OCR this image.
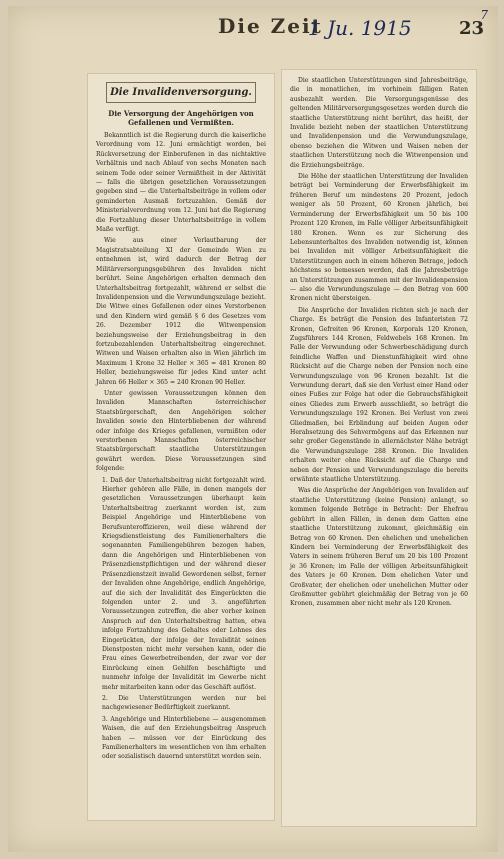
Die Zeit
1 Ju. 1915
7
23
Die Invalidenversorgung.
Die Versorgung der Angehörigen von Gefallenen und Vermißten.

Bekanntlich ist die Regierung durch die kaiserliche Verordnung vom 12. Juni ermächtigt worden, bei Rückversetzung der Einberufenen in das nichtaktive Verhältnis und nach Ablauf von sechs Monaten nach seinem Tode oder seiner Vermißtheit in der Aktivität — falls die übrigen gesetzlichen Voraussetzungen gegeben sind — die Unterhaltsbeiträge in vollem oder geminderten Ausmaß fortzuzahlen. Gemäß der Ministerialverordnung vom 12. Juni hat die Regierung die Fortzahlung dieser Unterhaltsbeiträge in vollem Maße verfügt.

Wie aus einer Verlautbarung der Magistratsabteilung XI der Gemeinde Wien zu entnehmen ist, wird dadurch der Betrag der Militärversorgungsgebühren des Invaliden nicht berührt. Seine Angehörigen erhalten demnach den Unterhaltsbeitrag fortgezahlt, während er selbst die Invalidenpension und die Verwundungszulage bezieht. Die Witwe eines Gefallenen oder eines Verstorbenen und den Kindern wird gemäß § 6 des Gesetzes vom 26. Dezember 1912 die Witwenpension beziehungsweise der Erziehungsbeitrag in den fortzubezahlenden Unterhaltsbeitrag eingerechnet. Witwen und Waisen erhalten also in Wien jährlich im Maximum 1 Krone 32 Heller × 365 = 481 Kronen 80 Heller, beziehungsweise für jedes Kind unter acht Jahren 66 Heller × 365 = 240 Kronen 90 Heller.

Unter gewissen Voraussetzungen können den Invaliden Mannschaften österreichischer Staatsbürgerschaft, den Angehörigen solcher Invaliden sowie den Hinterbliebenen der während oder infolge des Krieges gefallenen, vermißten oder verstorbenen Mannschaften österreichischer Staatsbürgerschaft staatliche Unterstützungen gewährt werden. Diese Voraussetzungen sind folgende:

1. Daß der Unterhaltsbeitrag nicht fortgezahlt wird. Hierher gehören alle Fälle, in denen mangels der gesetzlichen Voraussetzungen überhaupt kein Unterhaltsbeitrag zuerkannt worden ist, zum Beispiel Angehörige und Hinterbliebene von Berufsunteroffizieren, weil diese während der Kriegsdienstleistung des Familienerhalters die sogenannten Familiengebühren bezogen haben, dann die Angehörigen und Hinterbliebenen von Präsenzdienstpflichtigen und der während dieser Präsenzdienstzeit invalid Gewordenen selbst, ferner der Invaliden ohne Angehörige, endlich Angehörige, auf die sich der Invalidität des Eingerückten die folgenden unter 2. und 3. angeführten Voraussetzungen zutreffen, die aber vorher keinen Anspruch auf den Unterhaltsbeitrag hatten, etwa infolge Fortzahlung des Gehaltes oder Lohnes des Eingerückten, der infolge der Invalidität seinen Dienstposten nicht mehr versehen kann, oder die Frau eines Gewerbetreibenden, der zwar vor der Einrückung einen Gehilfen beschäftigte und nunmehr infolge der Invalidität im Gewerbe nicht mehr mitarbeiten kann oder das Geschäft auflöst.

2. Die Unterstützungen werden nur bei nachgewiesener Bedürftigkeit zuerkannt.

3. Angehörige und Hinterbliebene — ausgenommen Waisen, die auf den Erziehungsbeitrag Anspruch haben — müssen vor der Einrückung des Familienerhalters im wesentlichen von ihm erhalten oder sozialistisch dauernd unterstützt worden sein.

Die staatlichen Unterstützungen sind Jahresbeiträge, die in monatlichen, im vorhinein fälligen Raten ausbezahlt werden. Die Versorgungsgenüsse des geltenden Militärversorgungsgesetzes werden durch die staatliche Unterstützung nicht berührt, das heißt, der Invalide bezieht neben der staatlichen Unterstützung und Invalidenpension und die Verwundungszulage, ebenso beziehen die Witwen und Waisen neben der staatlichen Unterstützung noch die Witwenpension und die Erziehungsbeiträge.

Die Höhe der staatlichen Unterstützung der Invaliden beträgt bei Verminderung der Erwerbsfähigkeit im früheren Beruf um mindestens 20 Prozent, jedoch weniger als 50 Prozent, 60 Kronen jährlich, bei Verminderung der Erwerbsfähigkeit um 50 bis 100 Prozent 120 Kronen, im Falle völliger Arbeitsunfähigkeit 180 Kronen. Wenn es zur Sicherung des Lebensunterhaltes des Invaliden notwendig ist, können bei Invaliden mit völliger Arbeitsunfähigkeit die Unterstützungen auch in einem höheren Betrage, jedoch höchstens so bemessen werden, daß die Jahresbeträge an Unterstützungen zusammen mit der Invalidenpension — also die Verwundungszulage — den Betrag von 600 Kronen nicht übersteigen.

Die Ansprüche der Invaliden richten sich je nach der Charge. Es beträgt die Pension des Infanteristen 72 Kronen, Gefreiten 96 Kronen, Korporals 120 Kronen, Zugsführers 144 Kronen, Feldwebels 168 Kronen. Im Falle der Verwundung oder Schwerbeschädigung durch feindliche Waffen und Dienstunfähigkeit wird ohne Rücksicht auf die Charge neben der Pension noch eine Verwundungszulage von 96 Kronen bezahlt. Ist die Verwundung derart, daß sie den Verlust einer Hand oder eines Fußes zur Folge hat oder die Gebrauchsfähigkeit eines Gliedes zum Erwerb ausschließt, so beträgt die Verwundungszulage 192 Kronen. Bei Verlust von zwei Gliedmaßen, bei Erblindung auf beiden Augen oder Herabsetzung des Sehvermögens auf das Erkennen nur sehr großer Gegenstände in allernächster Nähe beträgt die Verwundungszulage 288 Kronen. Die Invaliden erhalten weiter ohne Rücksicht auf die Charge und neben der Pension und Verwundungszulage die bereits erwähnte staatliche Unterstützung.

Was die Ansprüche der Angehörigen von Invaliden auf staatliche Unterstützung (keine Pension) anlangt, so kommen folgende Beträge in Betracht: Der Ehefrau gebührt in allen Fällen, in denen dem Gatten eine staatliche Unterstützung zukommt, gleichmäßig ein Betrag von 60 Kronen. Den ehelichen und unehelichen Kindern bei Verminderung der Erwerbsfähigkeit des Vaters in seinem früheren Beruf um 20 bis 100 Prozent je 36 Kronen; im Falle der völligen Arbeitsunfähigkeit des Vaters je 60 Kronen. Dem ehelichen Vater und Großvater, der ehelichen oder unehelichen Mutter oder Großmutter gebührt gleichmäßig der Betrag von je 60 Kronen, zusammen aber nicht mehr als 120 Kronen.
